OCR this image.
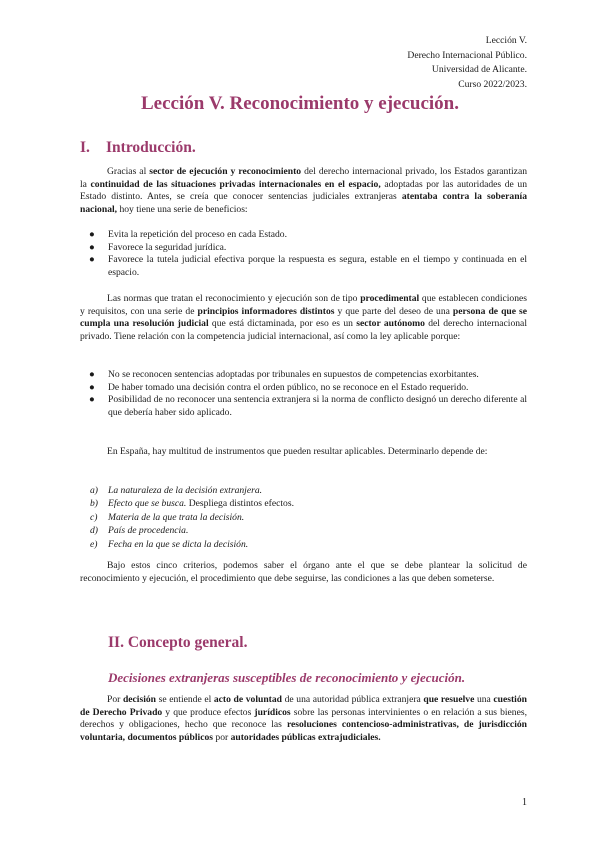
Lección V.
Derecho Internacional Público.
Universidad de Alicante.
Curso 2022/2023.
Lección V. Reconocimiento y ejecución.
I. Introducción.

Gracias al sector de ejecución y reconocimiento del derecho internacional privado, los Estados garantizan la continuidad de las situaciones privadas internacionales en el espacio, adoptadas por las autoridades de un Estado distinto. Antes, se creía que conocer sentencias judiciales extranjeras atentaba contra la soberanía nacional, hoy tiene una serie de beneficios:

● Evita la repetición del proceso en cada Estado.
● Favorece la seguridad jurídica.
● Favorece la tutela judicial efectiva porque la respuesta es segura, estable en el tiempo y continuada en el espacio.

Las normas que tratan el reconocimiento y ejecución son de tipo procedimental que establecen condiciones y requisitos, con una serie de principios informadores distintos y que parte del deseo de una persona de que se cumpla una resolución judicial que está dictaminada, por eso es un sector autónomo del derecho internacional privado. Tiene relación con la competencia judicial internacional, así como la ley aplicable porque:

● No se reconocen sentencias adoptadas por tribunales en supuestos de competencias exorbitantes.
● De haber tomado una decisión contra el orden público, no se reconoce en el Estado requerido.
● Posibilidad de no reconocer una sentencia extranjera si la norma de conflicto designó un derecho diferente al que debería haber sido aplicado.

En España, hay multitud de instrumentos que pueden resultar aplicables. Determinarlo depende de:

a) La naturaleza de la decisión extranjera.
b) Efecto que se busca. Despliega distintos efectos.
c) Materia de la que trata la decisión.
d) País de procedencia.
e) Fecha en la que se dicta la decisión.

Bajo estos cinco criterios, podemos saber el órgano ante el que se debe plantear la solicitud de reconocimiento y ejecución, el procedimiento que debe seguirse, las condiciones a las que deben someterse.

II. Concepto general.
Decisiones extranjeras susceptibles de reconocimiento y ejecución.

Por decisión se entiende el acto de voluntad de una autoridad pública extranjera que resuelve una cuestión de Derecho Privado y que produce efectos jurídicos sobre las personas intervinientes o en relación a sus bienes, derechos y obligaciones, hecho que reconoce las resoluciones contencioso-administrativas, de jurisdicción voluntaria, documentos públicos por autoridades públicas extrajudiciales.

1
